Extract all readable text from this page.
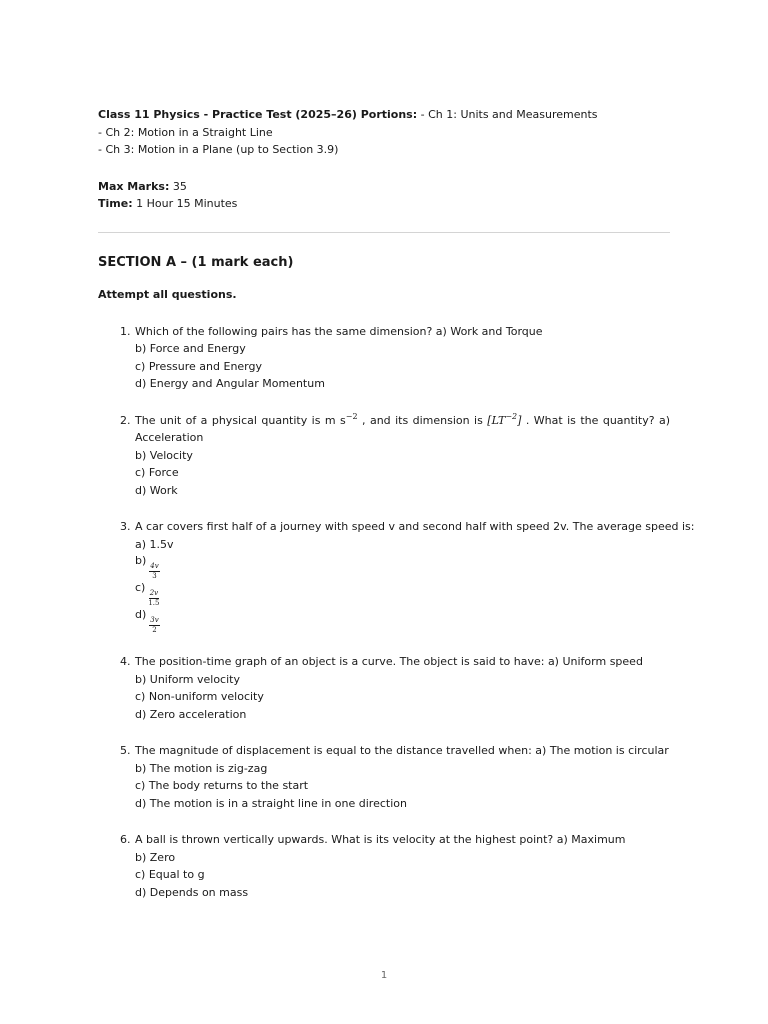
Class 11 Physics - Practice Test (2025–26) Portions: - Ch 1: Units and Measurements
- Ch 2: Motion in a Straight Line
- Ch 3: Motion in a Plane (up to Section 3.9)
Max Marks: 35
Time: 1 Hour 15 Minutes
SECTION A – (1 mark each)
Attempt all questions.
1. Which of the following pairs has the same dimension? a) Work and Torque
b) Force and Energy
c) Pressure and Energy
d) Energy and Angular Momentum
2. The unit of a physical quantity is m $s^{-2}$ , and its dimension is $[LT^{-2}]$ . What is the quantity? a) Acceleration
b) Velocity
c) Force
d) Work
3. A car covers first half of a journey with speed v and second half with speed 2v. The average speed is:
a) 1.5v
b)
$\frac{4v}{3}$
c)
$\frac{2v}{1.5}$
d)
$\frac{3v}{2}$
4. The position-time graph of an object is a curve. The object is said to have: a) Uniform speed
b) Uniform velocity
c) Non-uniform velocity
d) Zero acceleration
5. The magnitude of displacement is equal to the distance travelled when: a) The motion is circular
b) The motion is zig-zag
c) The body returns to the start
d) The motion is in a straight line in one direction
6. A ball is thrown vertically upwards. What is its velocity at the highest point? a) Maximum
b) Zero
c) Equal to g
d) Depends on mass
1
